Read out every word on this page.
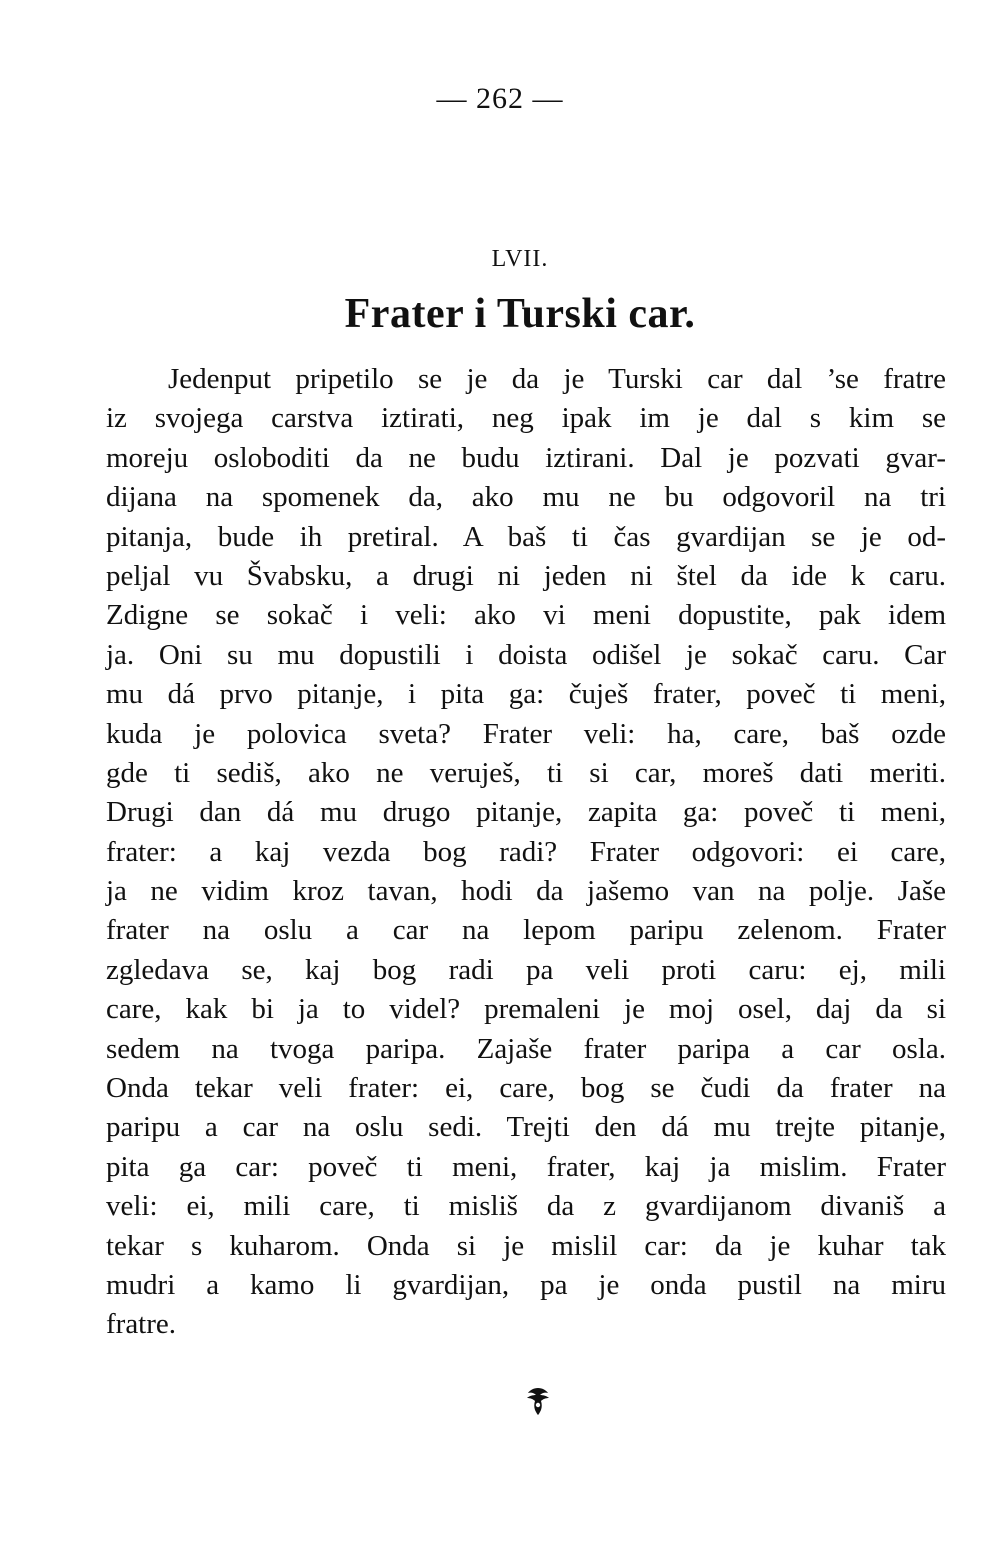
— 262 —
LVII.
Frater i Turski car.
Jedenput pripetilo se je da je Turski car dal ’se fratre
iz svojega carstva iztirati, neg ipak im je dal s kim se
moreju osloboditi da ne budu iztirani. Dal je pozvati gvar-
dijana na spomenek da, ako mu ne bu odgovoril na tri
pitanja, bude ih pretiral. A baš ti čas gvardijan se je od-
peljal vu Švabsku, a drugi ni jeden ni štel da ide k caru.
Zdigne se sokač i veli: ako vi meni dopustite, pak idem
ja. Oni su mu dopustili i doista odišel je sokač caru. Car
mu dá prvo pitanje, i pita ga: čuješ frater, poveč ti meni,
kuda je polovica sveta? Frater veli: ha, care, baš ozde
gde ti sediš, ako ne veruješ, ti si car, moreš dati meriti.
Drugi dan dá mu drugo pitanje, zapita ga: poveč ti meni,
frater: a kaj vezda bog radi? Frater odgovori: ei care,
ja ne vidim kroz tavan, hodi da jašemo van na polje. Jaše
frater na oslu a car na lepom paripu zelenom. Frater
zgledava se, kaj bog radi pa veli proti caru: ej, mili
care, kak bi ja to videl? premaleni je moj osel, daj da si
sedem na tvoga paripa. Zajaše frater paripa a car osla.
Onda tekar veli frater: ei, care, bog se čudi da frater na
paripu a car na oslu sedi. Trejti den dá mu trejte pitanje,
pita ga car: poveč ti meni, frater, kaj ja mislim. Frater
veli: ei, mili care, ti misliš da z gvardijanom divaniš a
tekar s kuharom. Onda si je mislil car: da je kuhar tak
mudri a kamo li gvardijan, pa je onda pustil na miru
fratre.
